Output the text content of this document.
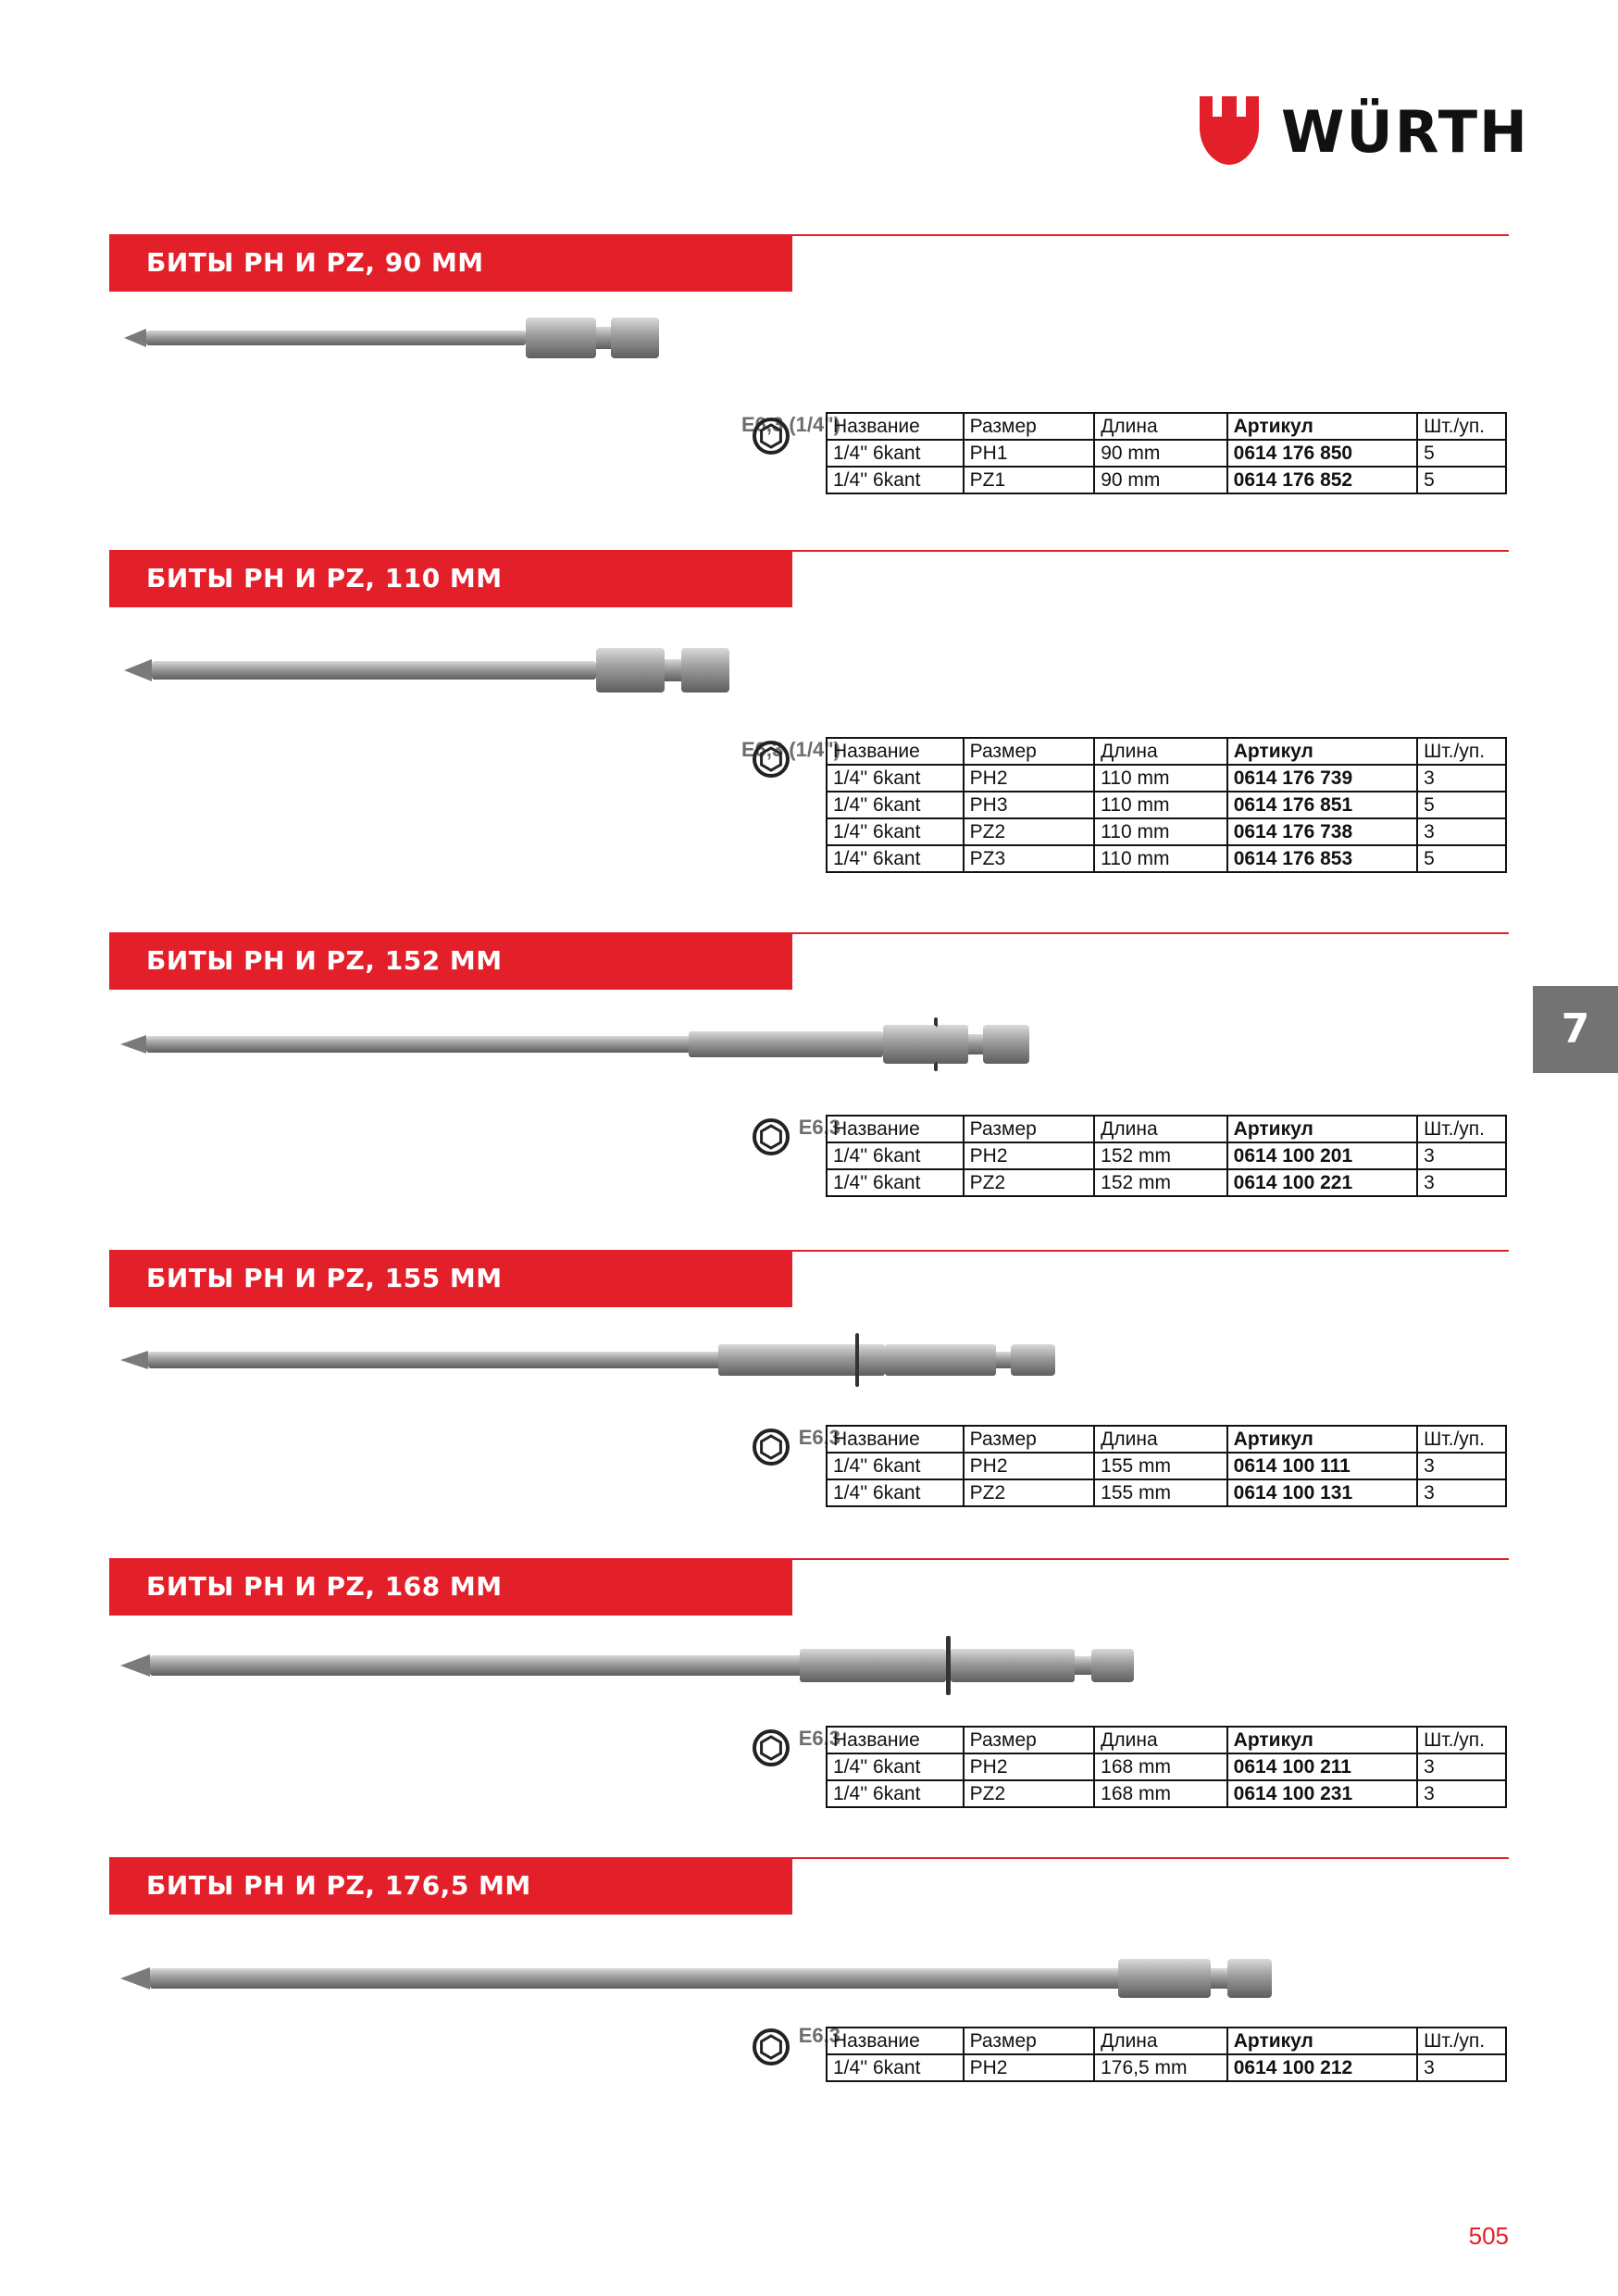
WÜRTH
БИТЫ PH И PZ, 90 ММ
E6,3 (1/4")
Название	Размер	Длина	Артикул	Шт./уп.
1/4'' 6kant	PH1	90 mm	0614 176 850	5
1/4'' 6kant	PZ1	90 mm	0614 176 852	5
БИТЫ PH И PZ, 110 ММ
E6,3 (1/4")
Название	Размер	Длина	Артикул	Шт./уп.
1/4'' 6kant	PH2	110 mm	0614 176 739	3
1/4'' 6kant	PH3	110 mm	0614 176 851	5
1/4'' 6kant	PZ2	110 mm	0614 176 738	3
1/4'' 6kant	PZ3	110 mm	0614 176 853	5
БИТЫ PH И PZ, 152 ММ
E6,3
Название	Размер	Длина	Артикул	Шт./уп.
1/4'' 6kant	PH2	152 mm	0614 100 201	3
1/4'' 6kant	PZ2	152 mm	0614 100 221	3
БИТЫ PH И PZ, 155 ММ
E6,3
Название	Размер	Длина	Артикул	Шт./уп.
1/4'' 6kant	PH2	155 mm	0614 100 111	3
1/4'' 6kant	PZ2	155 mm	0614 100 131	3
БИТЫ PH И PZ, 168 ММ
E6,3
Название	Размер	Длина	Артикул	Шт./уп.
1/4'' 6kant	PH2	168 mm	0614 100 211	3
1/4'' 6kant	PZ2	168 mm	0614 100 231	3
БИТЫ PH И PZ, 176,5 ММ
E6,3
Название	Размер	Длина	Артикул	Шт./уп.
1/4'' 6kant	PH2	176,5 mm	0614 100 212	3
7
505
